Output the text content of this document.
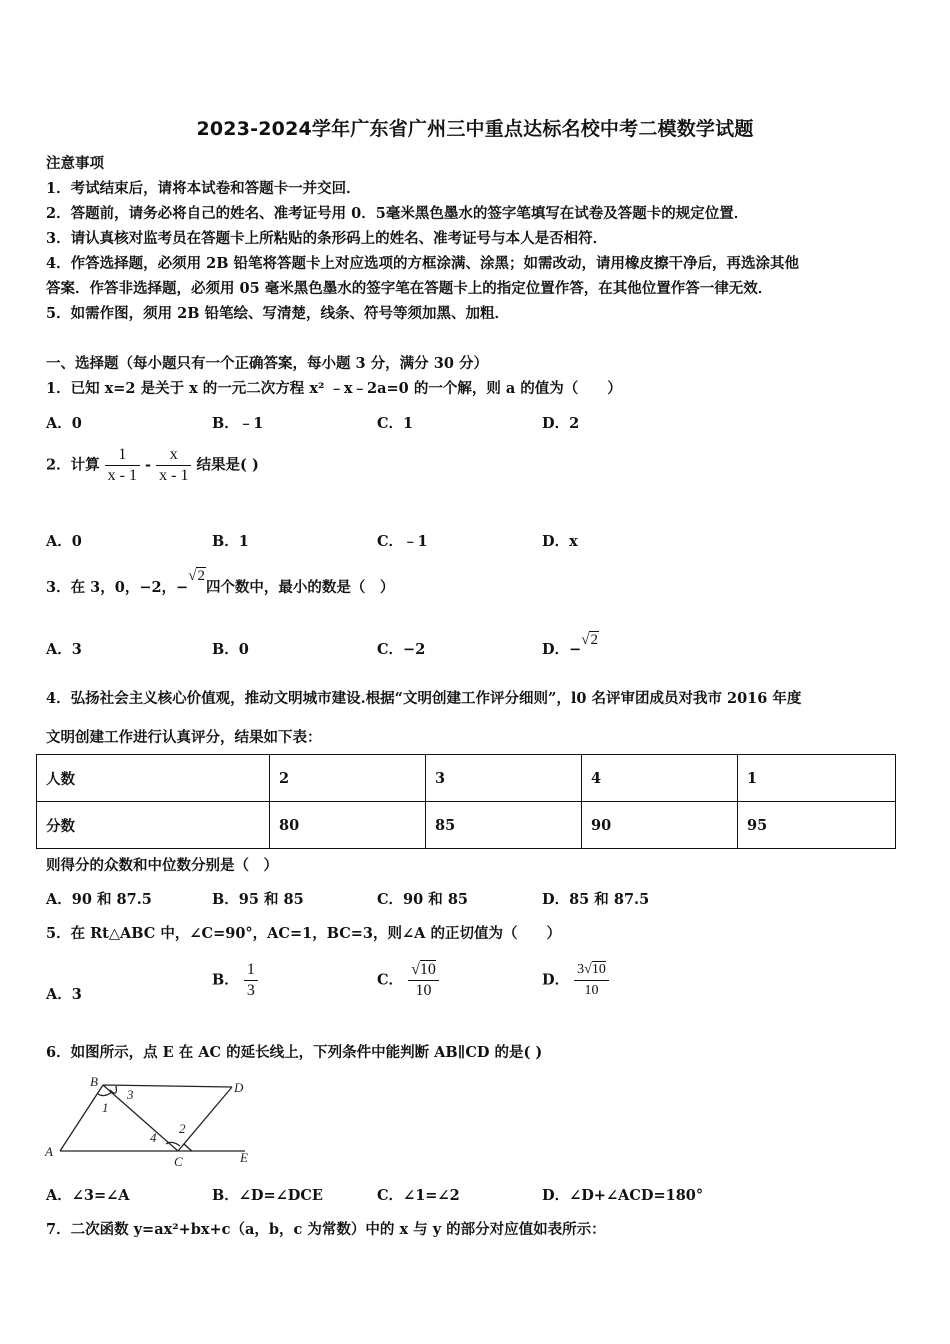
2023-2024学年广东省广州三中重点达标名校中考二模数学试题
注意事项
1．考试结束后，请将本试卷和答题卡一并交回．
2．答题前，请务必将自己的姓名、准考证号用 0．5毫米黑色墨水的签字笔填写在试卷及答题卡的规定位置．
3．请认真核对监考员在答题卡上所粘贴的条形码上的姓名、准考证号与本人是否相符．
4．作答选择题，必须用 2B 铅笔将答题卡上对应选项的方框涂满、涂黑；如需改动，请用橡皮擦干净后，再选涂其他
答案．作答非选择题，必须用 05 毫米黑色墨水的签字笔在答题卡上的指定位置作答，在其他位置作答一律无效．
5．如需作图，须用 2B 铅笔绘、写清楚，线条、符号等须加黑、加粗．
一、选择题（每小题只有一个正确答案，每小题 3 分，满分 30 分）
1．已知 x=2 是关于 x 的一元二次方程 x² ﹣x﹣2a=0 的一个解，则 a 的值为（　　）
A．0	B．﹣1	C．1	D．2
2．计算 $\frac{1}{x - 1} - \frac{x}{x - 1}$ 结果是( )
A．0	B．1	C．﹣1	D．x
3．在 3，0，−2，−√2四个数中，最小的数是（　）
A．3	B．0	C．−2	D．−√2
4．弘扬社会主义核心价值观，推动文明城市建设.根据“文明创建工作评分细则”，l0 名评审团成员对我市 2016 年度
文明创建工作进行认真评分，结果如下表：
人数	2	3	4	1
分数	80	85	90	95
则得分的众数和中位数分别是（　）
A．90 和 87.5	B．95 和 85	C．90 和 85	D．85 和 87.5
5．在 Rt△ABC 中，∠C=90°，AC=1，BC=3，则∠A 的正切值为（　　）
A．3
B． $\frac{1}{3}$	C． $\frac{√10}{10}$	D． $\frac{3√10}{10}$
6．如图所示，点 E 在 AC 的延长线上，下列条件中能判断 AB∥CD 的是( )
B	D
A
C	E
1
2
3
4
A．∠3=∠A	B．∠D=∠DCE	C．∠1=∠2	D．∠D+∠ACD=180°
7．二次函数 y=ax²+bx+c（a，b，c 为常数）中的 x 与 y 的部分对应值如表所示：
